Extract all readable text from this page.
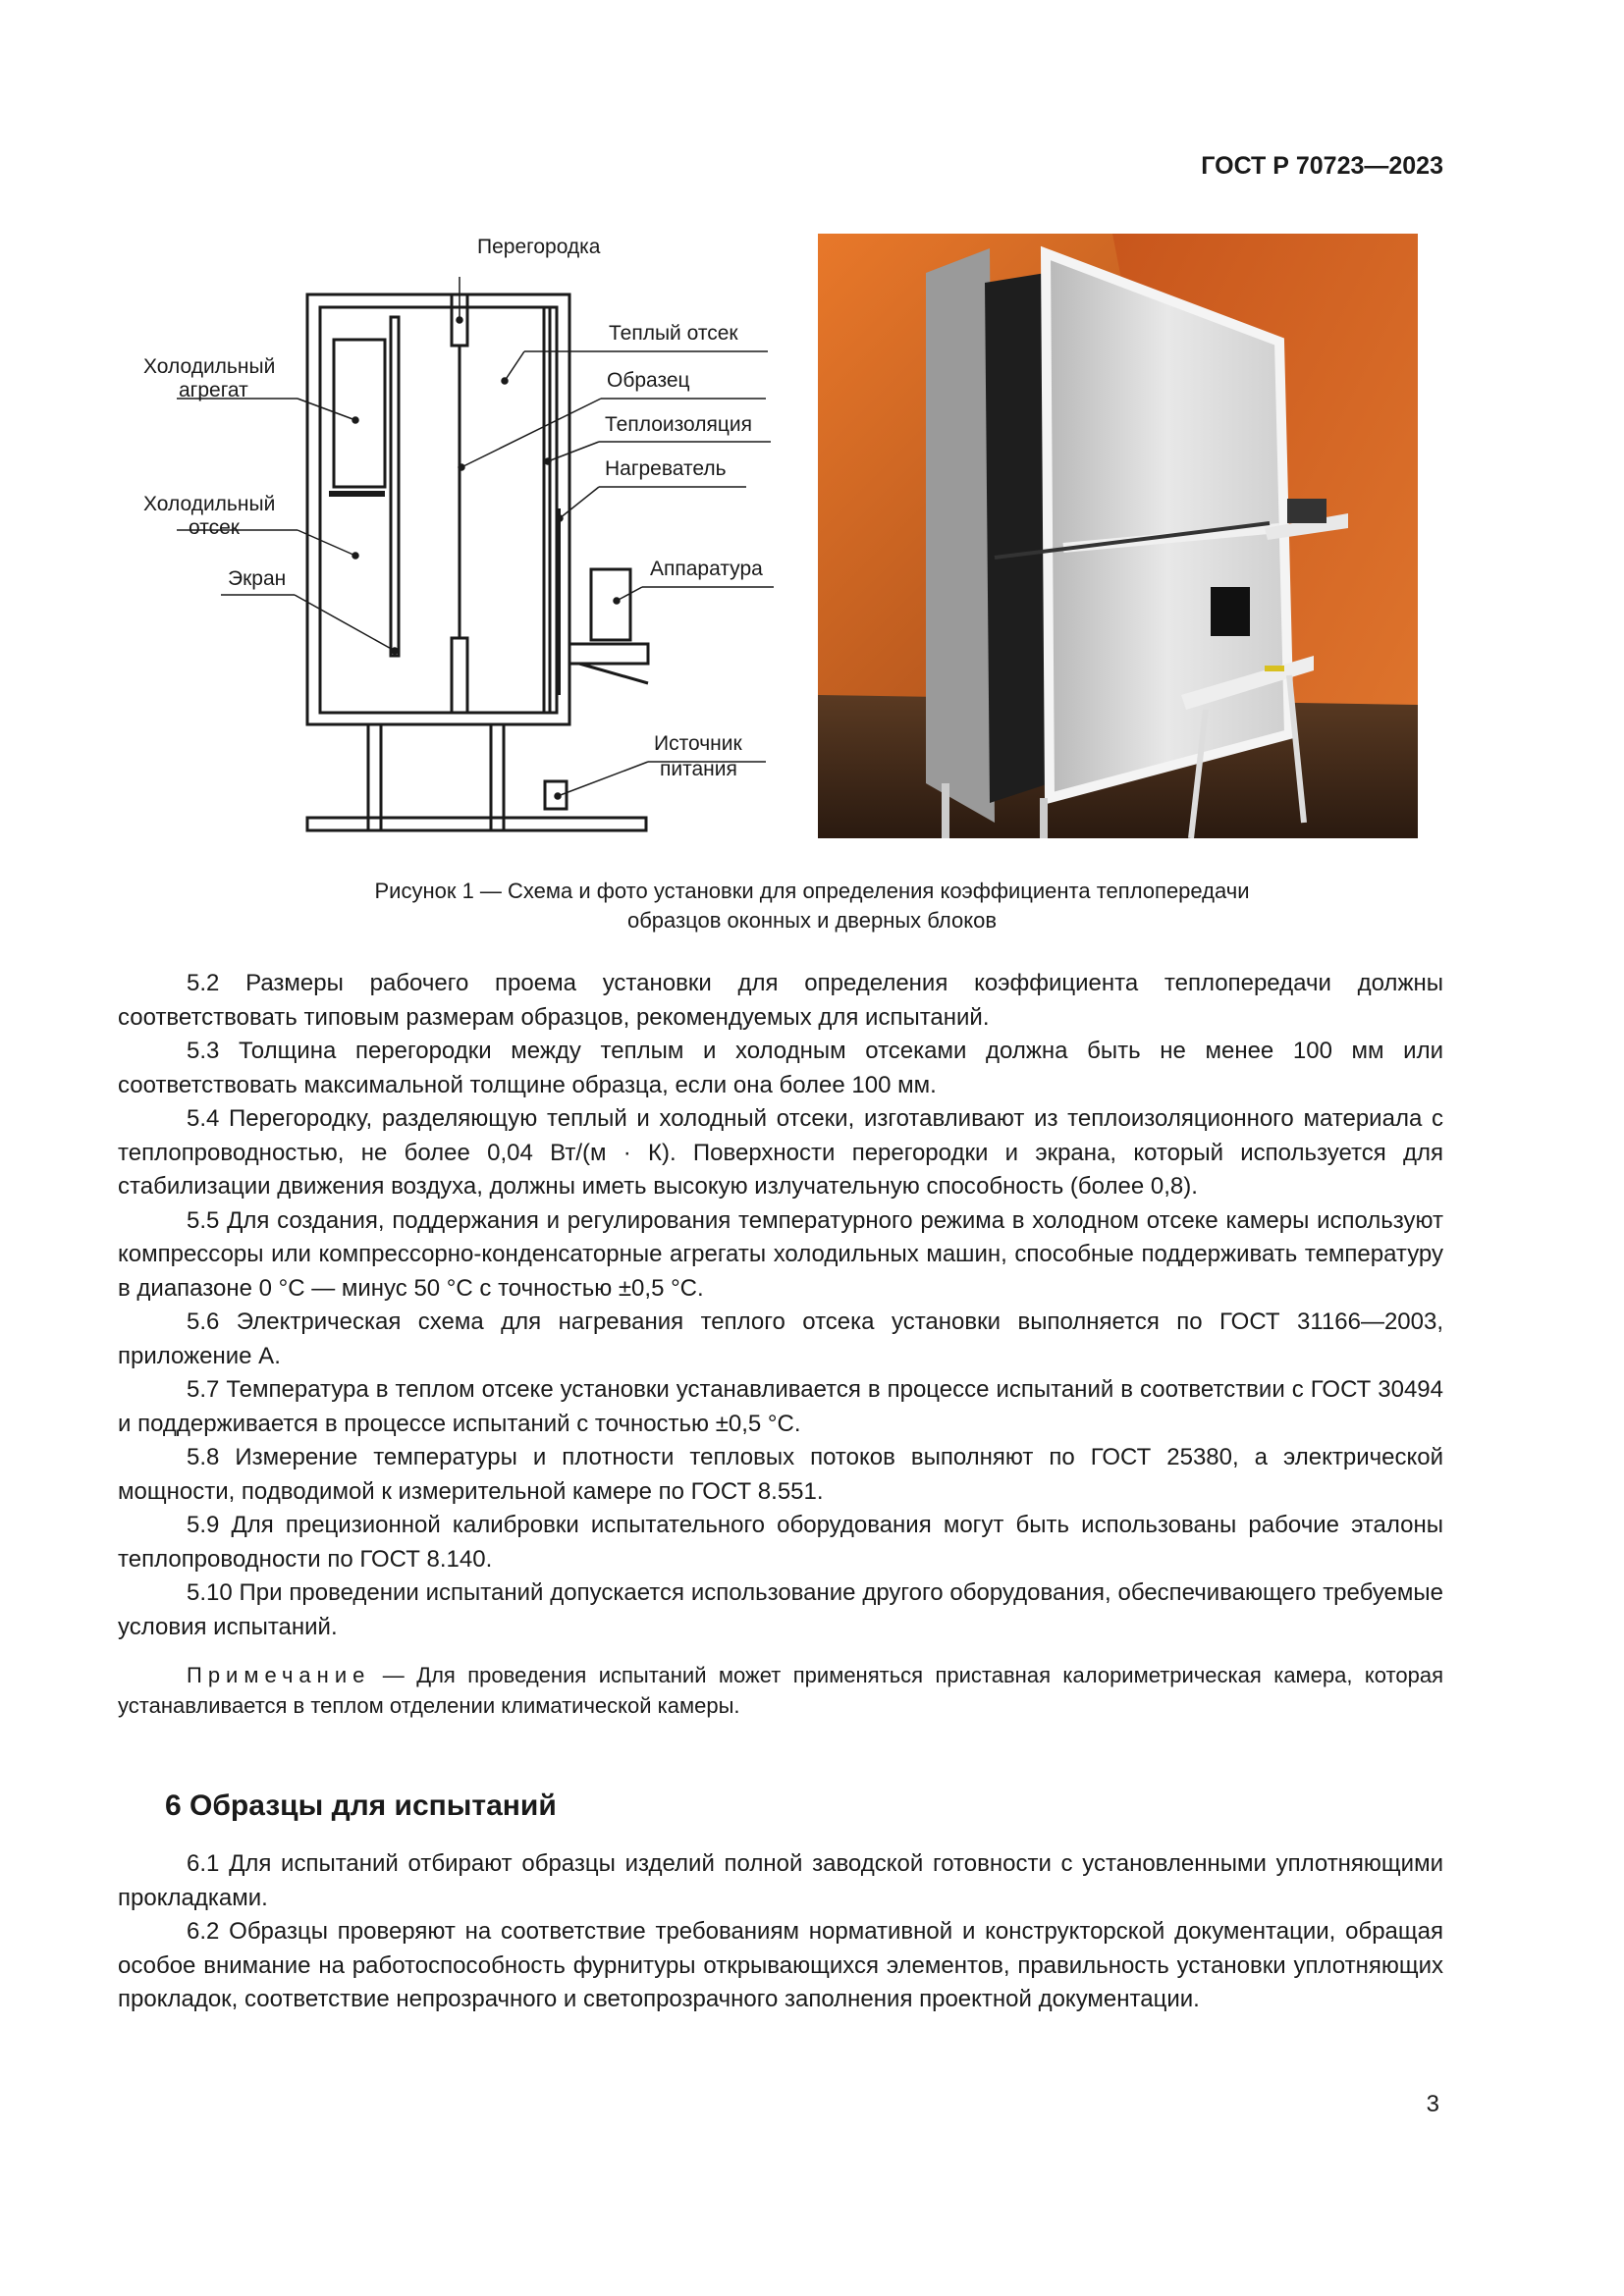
ГОСТ Р 70723—2023
Перегородка
Теплый отсек
Образец
Теплоизоляция
Нагреватель
Аппаратура
Источник
питания
Холодильный
агрегат
Холодильный
отсек
Экран
Рисунок 1 — Схема и фото установки для определения коэффициента теплопередачи
образцов оконных и дверных блоков

5.2 Размеры рабочего проема установки для определения коэффициента теплопередачи должны соответствовать типовым размерам образцов, рекомендуемых для испытаний.

5.3 Толщина перегородки между теплым и холодным отсеками должна быть не менее 100 мм или соответствовать максимальной толщине образца, если она более 100 мм.

5.4 Перегородку, разделяющую теплый и холодный отсеки, изготавливают из теплоизоляционного материала с теплопроводностью, не более 0,04 Вт/(м · К). Поверхности перегородки и экрана, который используется для стабилизации движения воздуха, должны иметь высокую излучательную способность (более 0,8).

5.5 Для создания, поддержания и регулирования температурного режима в холодном отсеке камеры используют компрессоры или компрессорно-конденсаторные агрегаты холодильных машин, способные поддерживать температуру в диапазоне 0 °С — минус 50 °С с точностью ±0,5 °С.

5.6 Электрическая схема для нагревания теплого отсека установки выполняется по ГОСТ 31166—2003, приложение А.

5.7 Температура в теплом отсеке установки устанавливается в процессе испытаний в соответствии с ГОСТ 30494 и поддерживается в процессе испытаний с точностью ±0,5 °С.

5.8 Измерение температуры и плотности тепловых потоков выполняют по ГОСТ 25380, а электрической мощности, подводимой к измерительной камере по ГОСТ 8.551.

5.9 Для прецизионной калибровки испытательного оборудования могут быть использованы рабочие эталоны теплопроводности по ГОСТ 8.140.

5.10 При проведении испытаний допускается использование другого оборудования, обеспечивающего требуемые условия испытаний.

Примечание — Для проведения испытаний может применяться приставная калориметрическая камера, которая устанавливается в теплом отделении климатической камеры.

6 Образцы для испытаний

6.1 Для испытаний отбирают образцы изделий полной заводской готовности с установленными уплотняющими прокладками.

6.2 Образцы проверяют на соответствие требованиям нормативной и конструкторской документации, обращая особое внимание на работоспособность фурнитуры открывающихся элементов, правильность установки уплотняющих прокладок, соответствие непрозрачного и светопрозрачного заполнения проектной документации.

3
